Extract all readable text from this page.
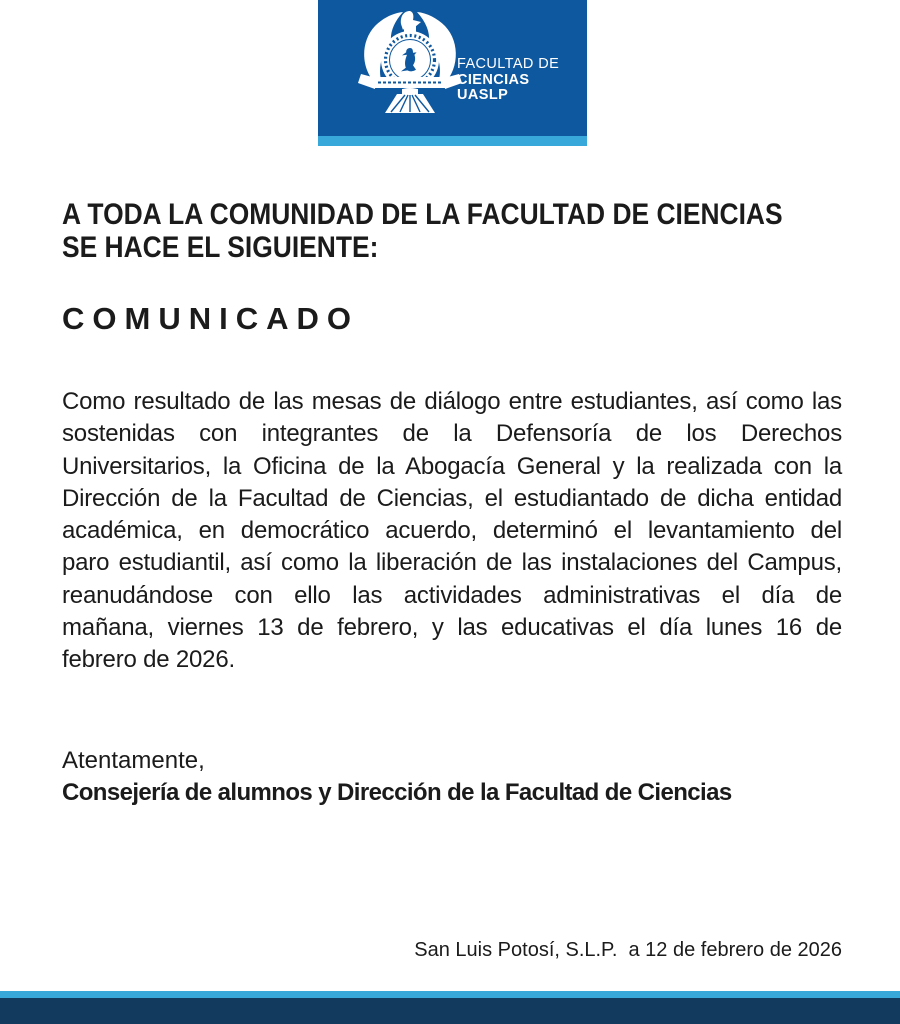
FACULTAD DE
CIENCIAS
UASLP
A TODA LA COMUNIDAD DE LA FACULTAD DE CIENCIAS
SE HACE EL SIGUIENTE:
COMUNICADO
Como resultado de las mesas de diálogo entre estudiantes, así como las
sostenidas con integrantes de la Defensoría de los Derechos
Universitarios, la Oficina de la Abogacía General y la realizada con la
Dirección de la Facultad de Ciencias, el estudiantado de dicha entidad
académica, en democrático acuerdo, determinó el levantamiento del
paro estudiantil, así como la liberación de las instalaciones del Campus,
reanudándose con ello las actividades administrativas el día de
mañana, viernes 13 de febrero, y las educativas el día lunes 16 de
febrero de 2026.
Atentamente,
Consejería de alumnos y Dirección de la Facultad de Ciencias
San Luis Potosí, S.L.P.  a 12 de febrero de 2026
